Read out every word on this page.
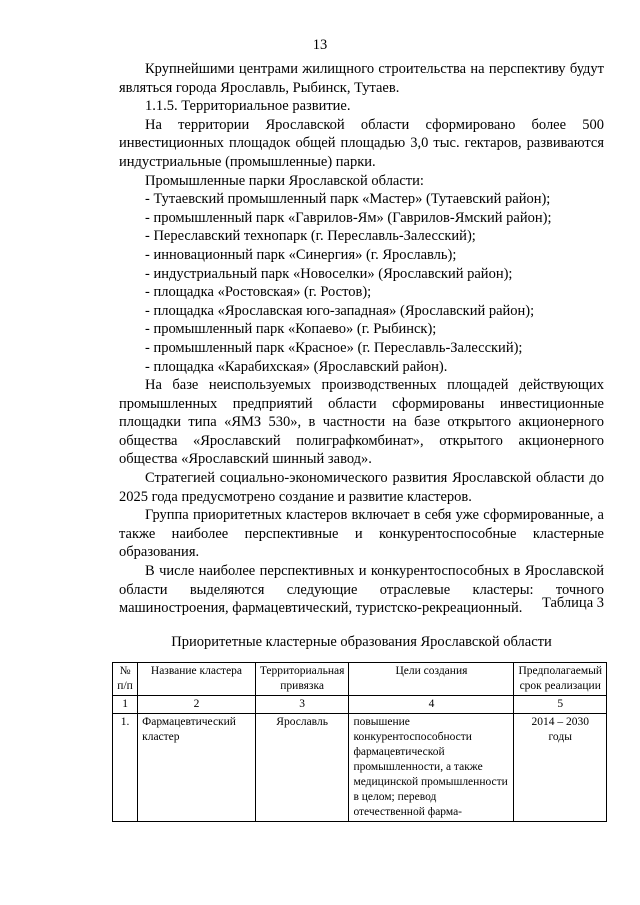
13

Крупнейшими центрами жилищного строительства на перспективу будут являться города Ярославль, Рыбинск, Тутаев.

1.1.5. Территориальное развитие.

На территории Ярославской области сформировано более 500 инвестиционных площадок общей площадью 3,0 тыс. гектаров, развиваются индустриальные (промышленные) парки.

Промышленные парки Ярославской области:

- Тутаевский промышленный парк «Мастер» (Тутаевский район);
- промышленный парк «Гаврилов-Ям» (Гаврилов-Ямский район);
- Переславский технопарк (г. Переславль-Залесский);
- инновационный парк «Синергия» (г. Ярославль);
- индустриальный парк «Новоселки» (Ярославский район);
- площадка «Ростовская» (г. Ростов);
- площадка «Ярославская юго-западная» (Ярославский район);
- промышленный парк «Копаево» (г. Рыбинск);
- промышленный парк «Красное» (г. Переславль-Залесский);
- площадка «Карабихская» (Ярославский район).

На базе неиспользуемых производственных площадей действующих промышленных предприятий области сформированы инвестиционные площадки типа «ЯМЗ 530», в частности на базе открытого акционерного общества «Ярославский полиграфкомбинат», открытого акционерного общества «Ярославский шинный завод».

Стратегией социально-экономического развития Ярославской области до 2025 года предусмотрено создание и развитие кластеров.

Группа приоритетных кластеров включает в себя уже сформированные, а также наиболее перспективные и конкурентоспособные кластерные образования.

В числе наиболее перспективных и конкурентоспособных в Ярославской области выделяются следующие отраслевые кластеры: точного машиностроения, фармацевтический, туристско-рекреационный.	Таблица 3
Приоритетные кластерные образования Ярославской области
№ п/п	Название кластера	Территориальная привязка	Цели создания	Предполагаемый срок реализации
1	2	3	4	5
1.	Фармацевтический кластер	Ярославль	повышение конкурентоспособности фармацевтической промышленности, а также медицинской промышленности в целом; перевод отечественной фарма-	2014 – 2030 годы
